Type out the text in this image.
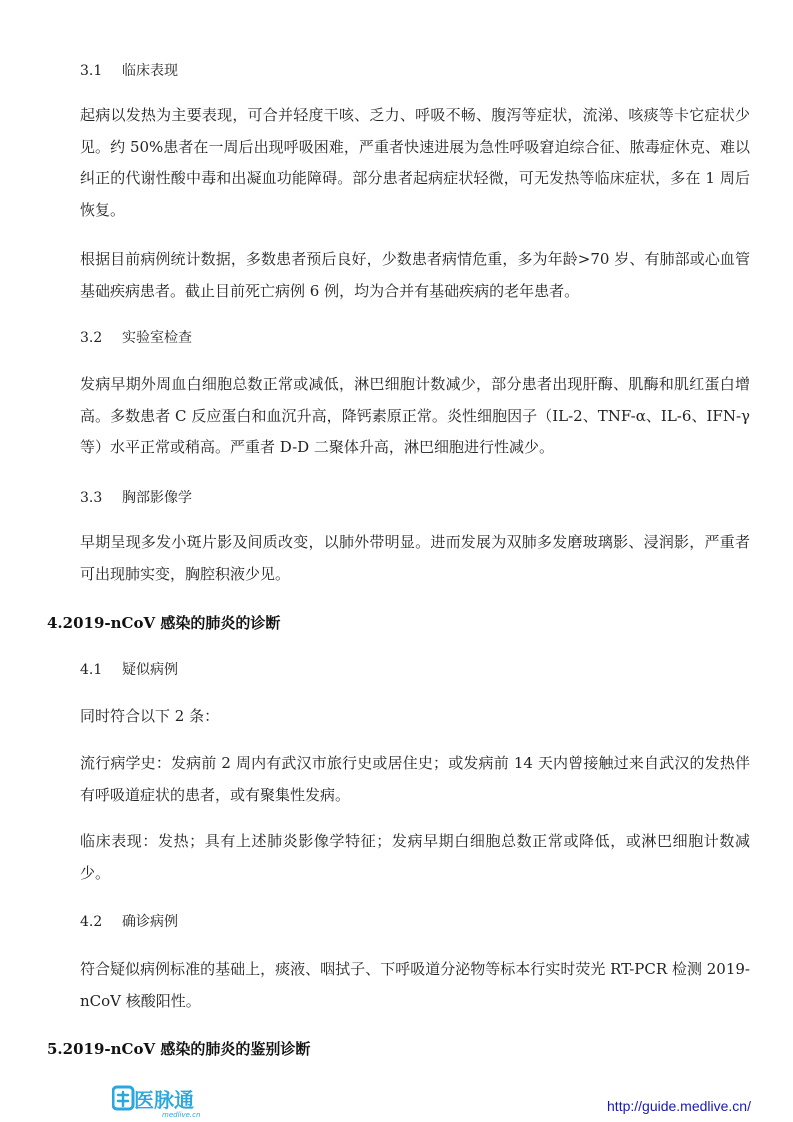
3.1 临床表现

起病以发热为主要表现，可合并轻度干咳、乏力、呼吸不畅、腹泻等症状，流涕、咳痰等卡它症状少见。约 50%患者在一周后出现呼吸困难，严重者快速进展为急性呼吸窘迫综合征、脓毒症休克、难以纠正的代谢性酸中毒和出凝血功能障碍。部分患者起病症状轻微，可无发热等临床症状，多在 1 周后恢复。

根据目前病例统计数据，多数患者预后良好，少数患者病情危重，多为年龄>70 岁、有肺部或心血管基础疾病患者。截止目前死亡病例 6 例，均为合并有基础疾病的老年患者。

3.2 实验室检查

发病早期外周血白细胞总数正常或减低，淋巴细胞计数减少，部分患者出现肝酶、肌酶和肌红蛋白增高。多数患者 C 反应蛋白和血沉升高，降钙素原正常。炎性细胞因子（IL-2、TNF-α、IL-6、IFN-γ等）水平正常或稍高。严重者 D-D 二聚体升高，淋巴细胞进行性减少。

3.3 胸部影像学

早期呈现多发小斑片影及间质改变，以肺外带明显。进而发展为双肺多发磨玻璃影、浸润影，严重者可出现肺实变，胸腔积液少见。

4.2019-nCoV 感染的肺炎的诊断

4.1 疑似病例

同时符合以下 2 条：

流行病学史：发病前 2 周内有武汉市旅行史或居住史；或发病前 14 天内曾接触过来自武汉的发热伴有呼吸道症状的患者，或有聚集性发病。

临床表现：发热；具有上述肺炎影像学特征；发病早期白细胞总数正常或降低，或淋巴细胞计数减少。

4.2 确诊病例

符合疑似病例标准的基础上，痰液、咽拭子、下呼吸道分泌物等标本行实时荧光 RT-PCR 检测 2019-nCoV 核酸阳性。

5.2019-nCoV 感染的肺炎的鉴别诊断

医脉通
medlive.cn

http://guide.medlive.cn/
